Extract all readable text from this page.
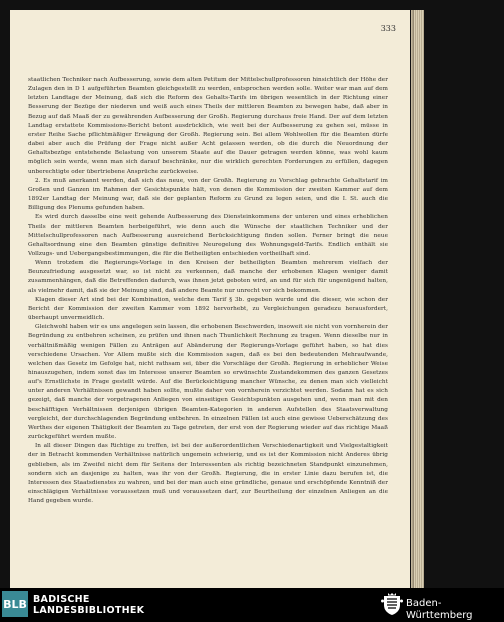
333

staatlichen Techniker nach Aufbesserung, sowie dem alten Petitum der Mittelschullprofessoren hinsichtlich der Höhe der Zulagen den in D 1 aufgeführten Beamten gleichgestellt zu werden, entsprochen werden solle. Weiter war man auf dem letzten Landtage der Meinung, daß sich die Reform des Gehalts-Tarifs im übrigen wesentlich in der Richtung einer Besserung der Bezüge der niederen und weiß auch eines Theils der mittleren Beamten zu bewegen habe, daß aber in Bezug auf daß Maaß der zu gewährenden Aufbesserung der Großh. Regierung durchaus freie Hand. Der auf dem letzten Landtag erstattete Kommissions-Bericht betont ausdrücklich, wie weit bei der Aufbesserung zu gehen sei, müsse in erster Reihe Sache pflichtmäßiger Erwägung der Großh. Regierung sein. Bei allem Wohlwollen für die Beamten dürfe dabei aber auch die Prüfung der Frage nicht außer Acht gelassen werden, ob die durch die Neuordnung der Gehaltsbezüge entstehende Belastung von unserem Staate auf die Dauer getragen werden könne, was wohl kaum möglich sein werde, wenn man sich darauf beschränke, nur die wirklich gerechten Forderungen zu erfüllen, dagegen unberechtigte oder übertriebene Ansprüche zurückweise.

2. Es muß anerkannt werden, daß sich das neue, von der Großh. Regierung zu Vorschlag gebrachte Gehaltstarif im Großen und Ganzen im Rahmen der Gesichtspunkte hält, von denen die Kommission der zweiten Kammer auf dem 1892er Landtag der Meinung war, daß sie der geplanten Reform zu Grund zu legen seien, und die I. St. auch die Billigung des Plenums gefunden haben.

Es wird durch dasselbe eine weit gehende Aufbesserung des Diensteinkommens der unteren und eines erheblichen Theils der mittleren Beamten herbeigeführt, wie denn auch die Wünsche der staatlichen Techniker und der Mittelschullprofessoren nach Aufbesserung ausreichend Berücksichtigung finden sollen. Ferner bringt die neue Gehaltsordnung eine den Beamten günstige definitive Neuregelung des Wohnungsgeld-Tarifs. Endlich enthält sie Vollzugs- und Uebergangsbestimmungen, die für die Betheiligten entschieden vortheilhaft sind.

Wenn trotzdem die Regierungs-Vorlage in den Kreisen der betheiligten Beamten mehrerem vielfach der Beunzufriedung ausgesetzt war, so ist nicht zu verkennen, daß manche der erhobenen Klagen weniger damit zusammenhängen, daß die Betreffenden dadurch, was ihnen jetzt geboten wird, an und für sich für ungenügend halten, als vielmehr damit, daß sie der Meinung sind, daß andere Beamte nur unrecht vor sich bekommen.

Klagen dieser Art sind bei der Kombination, welche dem Tarif § 3b. gegeben wurde und die dieser, wie schon der Bericht der Kommission der zweiten Kammer vom 1892 hervorhebt, zu Vergleichungen geradezu herausfordert, überhaupt unvermeidlich.

Gleichwohl haben wir es uns angelegen sein lassen, die erhobenen Beschwerden, insoweit sie nicht von vornherein der Begründung zu entbehren scheinen, zu prüfen und ihnen nach Thunlichkeit Rechnung zu tragen. Wenn dieselbe nur in verhältnißmäßig wenigen Fällen zu Anträgen auf Abänderung der Regierungs-Vorlage geführt haben, so hat dies verschiedene Ursachen. Vor Allem mußte sich die Kommission sagen, daß es bei den bedeutenden Mehraufwande, welchen das Gesetz im Gefolge hat, nicht rathsam sei, über die Vorschläge der Großh. Regierung in erheblicher Weise hinauszugehen, indem sonst das im Interesse unserer Beamten so erwünschte Zustandekommen des ganzen Gesetzes auf's Ernstlichste in Frage gestellt würde. Auf die Berücksichtigung mancher Wünsche, zu denen man sich vielleicht unter anderen Verhältnissen gewandt haben sollte, mußte daher von vornherein verzichtet werden. Sodann hat es sich gezeigt, daß manche der vorgetragenen Anliegen von einseitigen Gesichtspunkten ausgehen und, wenn man mit den beschäfftigen Verhältnissen derjenigen übrigen Beamten-Kategorien in anderen Aufstellen des Staatsverwaltung vergleicht, der durchschlagenden Begründung entbehren. In einzelnen Fällen ist auch eine gewisse Ueberschätzung des Werthes der eigenen Thätigkeit der Beamten zu Tage getreten, der erst von der Regierung wieder auf das richtige Maaß zurückgeführt werden mußte.

In all dieser Dingen das Richtige zu treffen, ist bei der außerordentlichen Verschiedenartigkeit und Vielgestaltigkeit der in Betracht kommenden Verhältnisse natürlich ungemein schwierig, und es ist der Kommission nicht Anderes übrig geblieben, als im Zweifel nicht dem für Seitens der Interessenten als richtig bezeichneten Standpunkt einzunehmen, sondern sich an dasjenige zu halten, was ihr von der Großh. Regierung, die in erster Linie dazu berufen ist, die Interessen des Staatsdienstes zu wahren, und bei der man auch eine gründliche, genaue und erschöpfende Kenntniß der einschlägigen Verhältnisse voraussetzen muß und voraussetzen darf, zur Beurtheilung der einzelnen Anliegen an die Hand gegeben wurde.

BLB BADISCHE
LANDESBIBLIOTHEK
Baden-Württemberg
